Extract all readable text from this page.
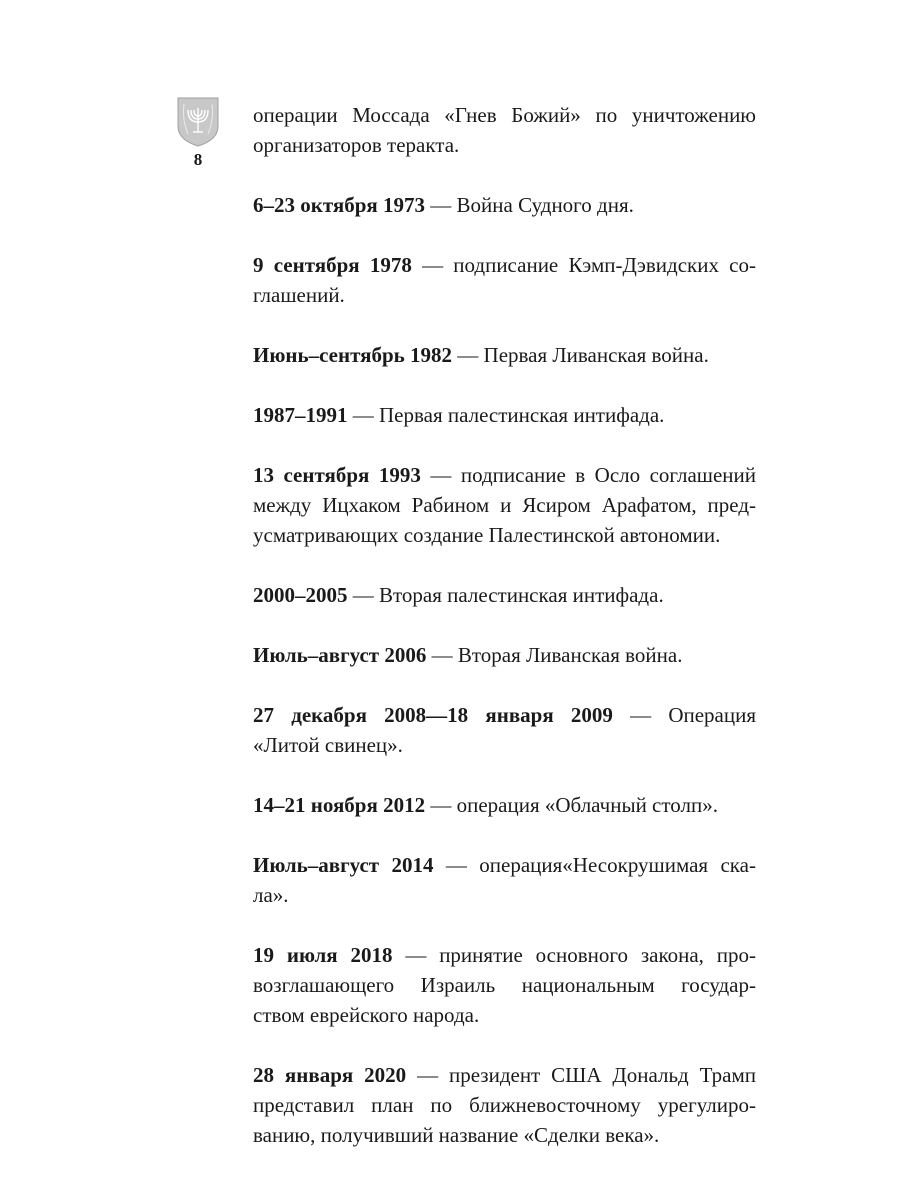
8

операции Моссада «Гнев Божий» по уничтожению
организаторов теракта.

6–23 октября 1973 — Война Судного дня.

9 сентября 1978 — подписание Кэмп-Дэвидских со-
глашений.

Июнь–сентябрь 1982 — Первая Ливанская война.

1987–1991 — Первая палестинская интифада.

13 сентября 1993 — подписание в Осло соглашений
между Ицхаком Рабином и Ясиром Арафатом, пред-
усматривающих создание Палестинской автономии.

2000–2005 — Вторая палестинская интифада.

Июль–август 2006 — Вторая Ливанская война.

27 декабря 2008—18 января 2009 — Операция
«Литой свинец».

14–21 ноября 2012 — операция «Облачный столп».

Июль–август 2014 — операция«Несокрушимая ска-
ла».

19 июля 2018 — принятие основного закона, про-
возглашающего Израиль национальным государ-
ством еврейского народа.

28 января 2020 — президент США Дональд Трамп
представил план по ближневосточному урегулиро-
ванию, получивший название «Сделки века».
